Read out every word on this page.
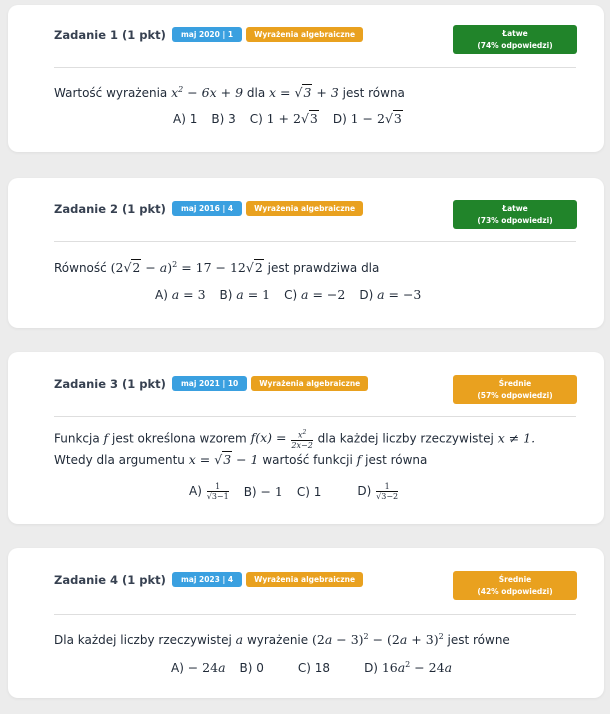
Zadanie 1 (1 pkt)	maj 2020 | 1	Wyrażenia algebraiczne	Łatwe
(74% odpowiedzi)
Wartość wyrażenia $x^2 - 6x + 9$ dla x = √3 + 3 jest równa
A) 1 B) 3 C) 1 + 2√3 D) 1 − 2√3
Zadanie 2 (1 pkt)	maj 2016 | 4	Wyrażenia algebraiczne	Łatwe
(73% odpowiedzi)
Równość $(2√2 - a)^2 = 17 - 12√2$ jest prawdziwa dla
A) a = 3 B) a = 1 C) a = −2 D) a = −3
Zadanie 3 (1 pkt)	maj 2021 | 10	Wyrażenia algebraiczne	Średnie
(57% odpowiedzi)
Funkcja f jest określona wzorem $f(x) = \frac{x^2}{2x-2}$ dla każdej liczby rzeczywistej x ≠ 1.
Wtedy dla argumentu x = √3 − 1 wartość funkcji f jest równa
$A) \frac{1}{√3-1} B) - 1$ C) 1	$D) \frac{1}{√3-2}$
Zadanie 4 (1 pkt)	maj 2023 | 4	Wyrażenia algebraiczne	Średnie
(42% odpowiedzi)
Dla każdej liczby rzeczywistej a wyrażenie $(2a - 3)^2 - (2a + 3)^2$ jest równe
A) − 24a B) 0	C) 18	D) $16a^2 - 24a$
